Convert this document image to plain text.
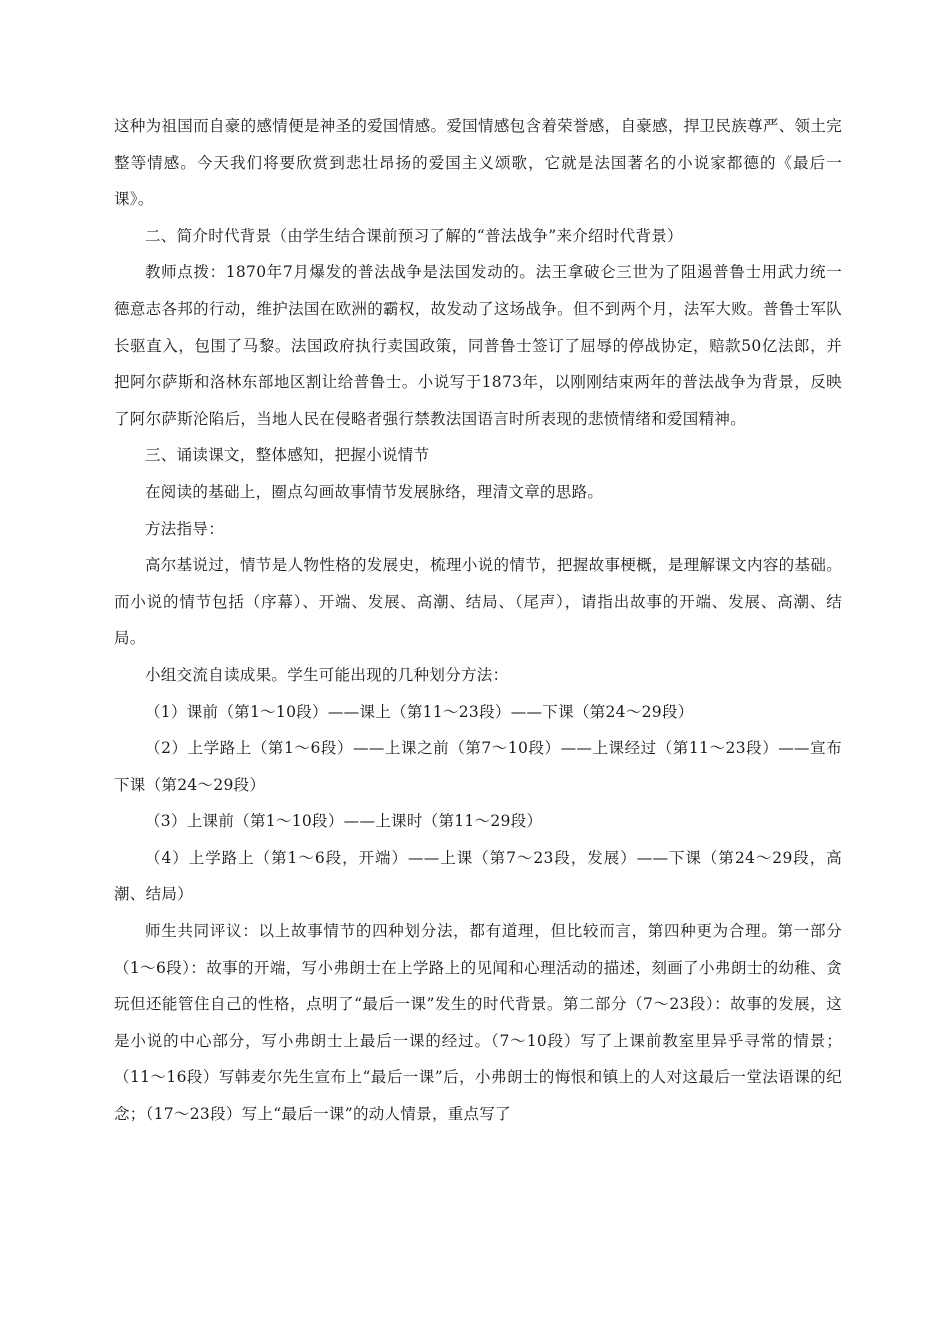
这种为祖国而自豪的感情便是神圣的爱国情感。爱国情感包含着荣誉感，自豪感，捍卫民族尊严、领土完整等情感。今天我们将要欣赏到悲壮昂扬的爱国主义颂歌，它就是法国著名的小说家都德的《最后一课》。

二、简介时代背景（由学生结合课前预习了解的“普法战争”来介绍时代背景）

教师点拨：1870年7月爆发的普法战争是法国发动的。法王拿破仑三世为了阻遏普鲁士用武力统一德意志各邦的行动，维护法国在欧洲的霸权，故发动了这场战争。但不到两个月，法军大败。普鲁士军队长驱直入，包围了马黎。法国政府执行卖国政策，同普鲁士签订了屈辱的停战协定，赔款50亿法郎，并把阿尔萨斯和洛林东部地区割让给普鲁士。小说写于1873年，以刚刚结束两年的普法战争为背景，反映了阿尔萨斯沦陷后，当地人民在侵略者强行禁教法国语言时所表现的悲愤情绪和爱国精神。

三、诵读课文，整体感知，把握小说情节

在阅读的基础上，圈点勾画故事情节发展脉络，理清文章的思路。

方法指导：

高尔基说过，情节是人物性格的发展史，梳理小说的情节，把握故事梗概，是理解课文内容的基础。而小说的情节包括（序幕）、开端、发展、高潮、结局、（尾声），请指出故事的开端、发展、高潮、结局。

小组交流自读成果。学生可能出现的几种划分方法：

（1）课前（第1～10段）——课上（第11～23段）——下课（第24～29段）

（2）上学路上（第1～6段）——上课之前（第7～10段）——上课经过（第11～23段）——宣布下课（第24～29段）

（3）上课前（第1～10段）——上课时（第11～29段）

（4）上学路上（第1～6段，开端）——上课（第7～23段，发展）——下课（第24～29段，高潮、结局）

师生共同评议：以上故事情节的四种划分法，都有道理，但比较而言，第四种更为合理。第一部分（1～6段）：故事的开端，写小弗朗士在上学路上的见闻和心理活动的描述，刻画了小弗朗士的幼稚、贪玩但还能管住自己的性格，点明了“最后一课”发生的时代背景。第二部分（7～23段）：故事的发展，这是小说的中心部分，写小弗朗士上最后一课的经过。（7～10段）写了上课前教室里异乎寻常的情景；（11～16段）写韩麦尔先生宣布上“最后一课”后，小弗朗士的悔恨和镇上的人对这最后一堂法语课的纪念；（17～23段）写上“最后一课”的动人情景，重点写了
